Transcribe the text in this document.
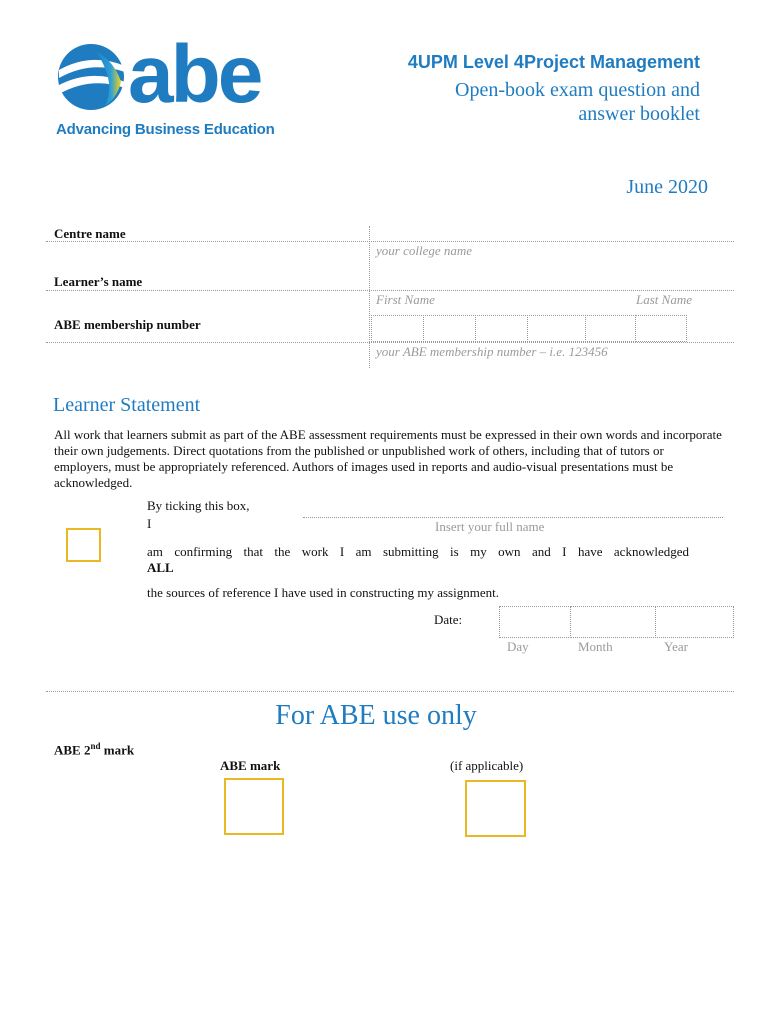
abe
Advancing Business Education
4UPM Level 4Project Management
Open-book exam question and
answer booklet
June 2020
Centre name
your college name
Learner’s name
First Name	Last Name
ABE membership number
your ABE membership number – i.e. 123456
Learner Statement
All work that learners submit as part of the ABE assessment requirements must be expressed in their own words and incorporate their own judgements. Direct quotations from the published or unpublished work of others, including that of tutors or employers, must be appropriately referenced. Authors of images used in reports and audio-visual presentations must be acknowledged.
By ticking this box,
I	Insert your full name
am confirming that the work I am submitting is my own and I have acknowledged
ALL
the sources of reference I have used in constructing my assignment.
Date:
Day	Month	Year
For ABE use only
ABE 2nd mark
ABE mark	(if applicable)
